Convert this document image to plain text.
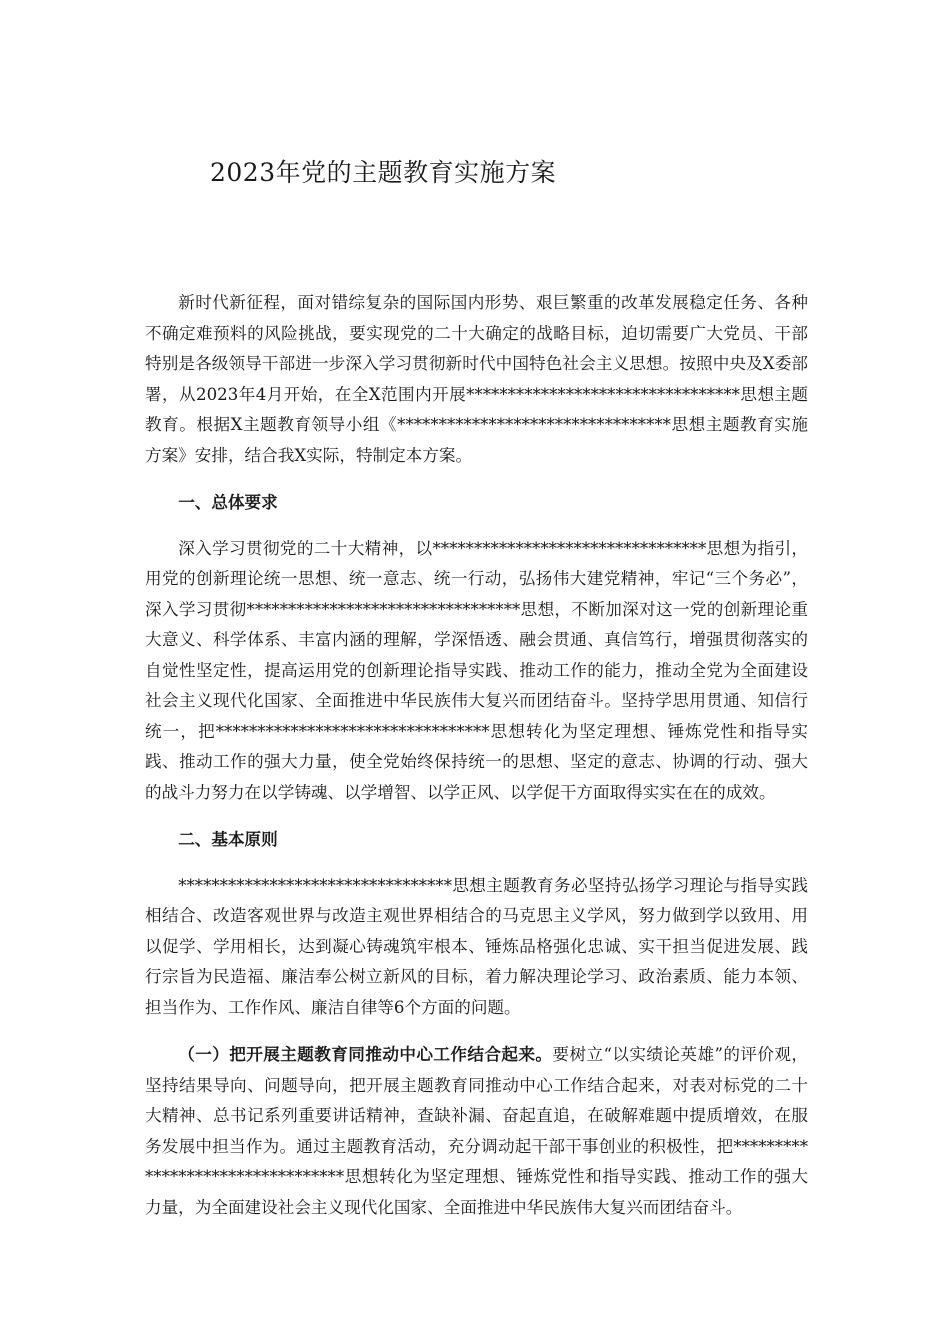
2023年党的主题教育实施方案

新时代新征程，面对错综复杂的国际国内形势、艰巨繁重的改革发展稳定任务、各种不确定难预料的风险挑战，要实现党的二十大确定的战略目标，迫切需要广大党员、干部特别是各级领导干部进一步深入学习贯彻新时代中国特色社会主义思想。按照中央及X委部署，从2023年4月开始，在全X范围内开展*********************************思想主题教育。根据X主题教育领导小组《*********************************思想主题教育实施方案》安排，结合我X实际，特制定本方案。

一、总体要求

深入学习贯彻党的二十大精神，以*********************************思想为指引，用党的创新理论统一思想、统一意志、统一行动，弘扬伟大建党精神，牢记“三个务必”，深入学习贯彻*********************************思想，不断加深对这一党的创新理论重大意义、科学体系、丰富内涵的理解，学深悟透、融会贯通、真信笃行，增强贯彻落实的自觉性坚定性，提高运用党的创新理论指导实践、推动工作的能力，推动全党为全面建设社会主义现代化国家、全面推进中华民族伟大复兴而团结奋斗。坚持学思用贯通、知信行统一，把*********************************思想转化为坚定理想、锤炼党性和指导实践、推动工作的强大力量，使全党始终保持统一的思想、坚定的意志、协调的行动、强大的战斗力努力在以学铸魂、以学增智、以学正风、以学促干方面取得实实在在的成效。

二、基本原则

*********************************思想主题教育务必坚持弘扬学习理论与指导实践相结合、改造客观世界与改造主观世界相结合的马克思主义学风，努力做到学以致用、用以促学、学用相长，达到凝心铸魂筑牢根本、锤炼品格强化忠诚、实干担当促进发展、践行宗旨为民造福、廉洁奉公树立新风的目标，着力解决理论学习、政治素质、能力本领、担当作为、工作作风、廉洁自律等6个方面的问题。

（一）把开展主题教育同推动中心工作结合起来。要树立“以实绩论英雄”的评价观，坚持结果导向、问题导向，把开展主题教育同推动中心工作结合起来，对表对标党的二十大精神、总书记系列重要讲话精神，查缺补漏、奋起直追，在破解难题中提质增效，在服务发展中担当作为。通过主题教育活动，充分调动起干部干事创业的积极性，把*********************************思想转化为坚定理想、锤炼党性和指导实践、推动工作的强大力量，为全面建设社会主义现代化国家、全面推进中华民族伟大复兴而团结奋斗。
